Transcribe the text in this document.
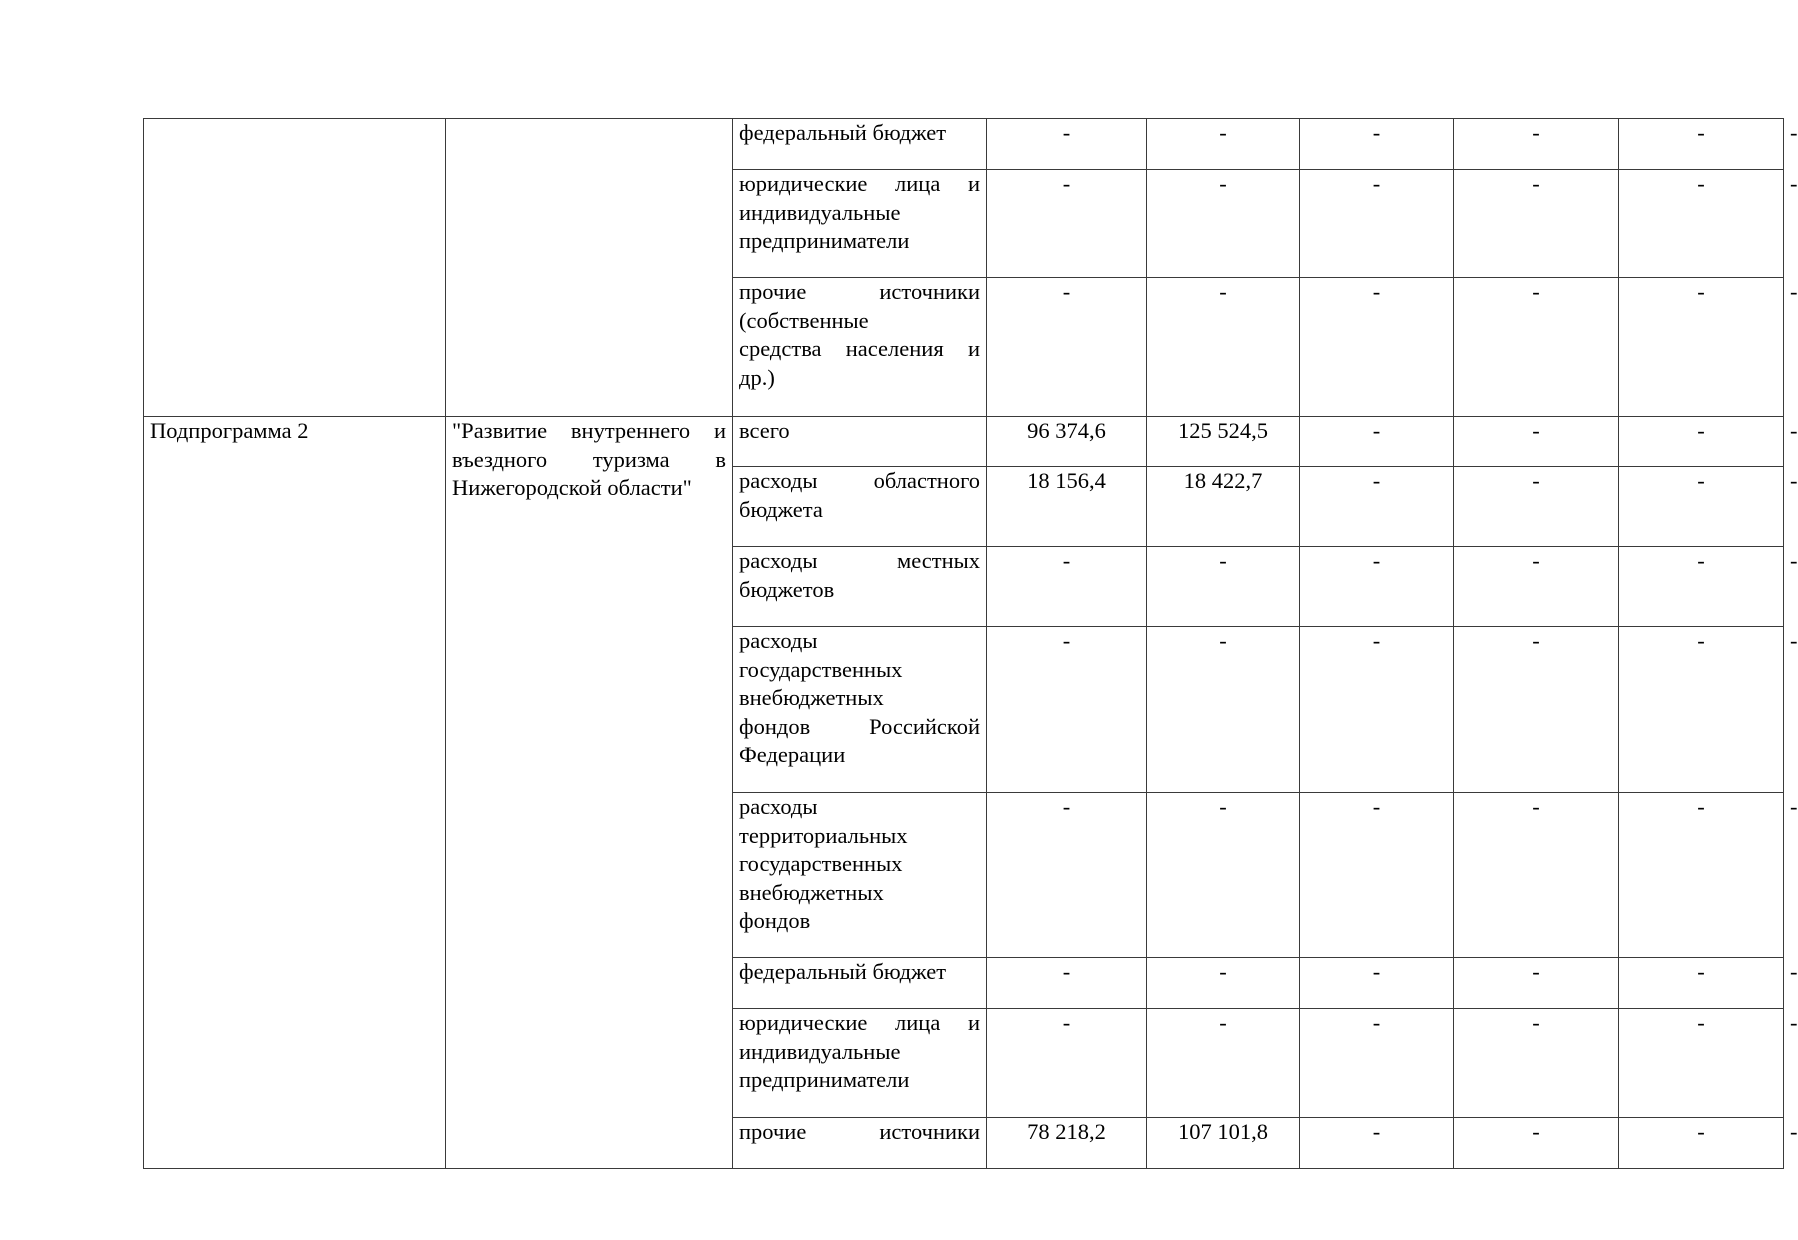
		федеральный бюджет	-	-	-	-	-	-

		юридические лица и
индивидуальные
предприниматели	-	-	-	-	-	-

		прочие источники
(собственные
средства населения и
др.)	-	-	-	-	-	-
Подпрограмма 2	"Развитие внутреннего и
въездного туризма в
Нижегородской области"	всего	96 374,6	125 524,5	-	-	-	-

		расходы областного
бюджета	18 156,4	18 422,7	-	-	-	-

		расходы местных
бюджетов	-	-	-	-	-	-

		расходы
государственных
внебюджетных
фондов Российской
Федерации	-	-	-	-	-	-

		расходы
территориальных
государственных
внебюджетных
фондов	-	-	-	-	-	-

		федеральный бюджет	-	-	-	-	-	-

		юридические лица и
индивидуальные
предприниматели	-	-	-	-	-	-

		прочие источники	78 218,2	107 101,8	-	-	-	-
